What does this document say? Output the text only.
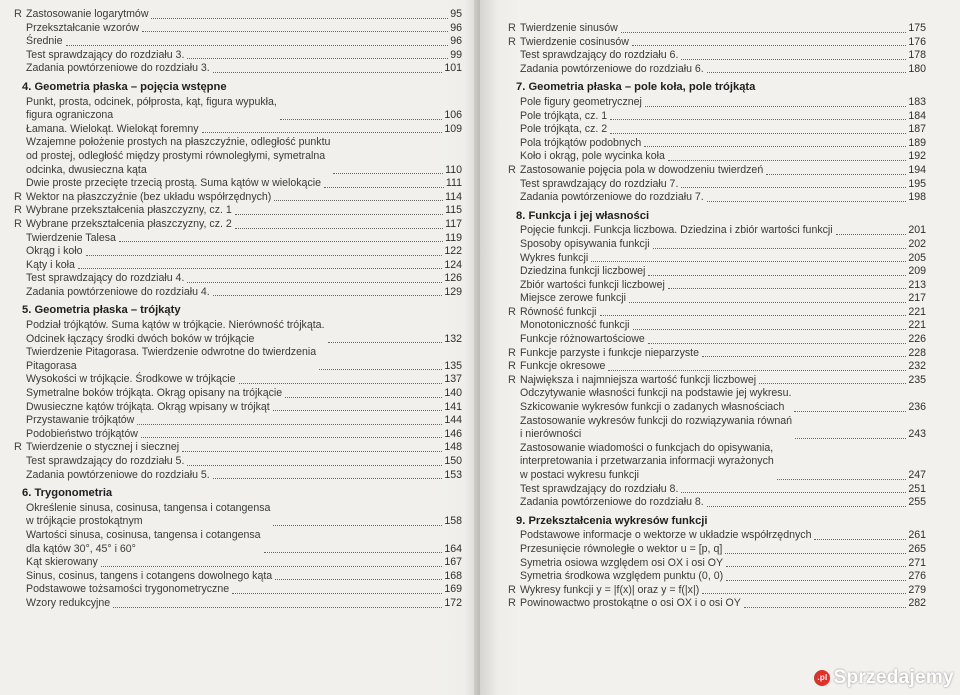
R Zastosowanie logarytmów	95
Przekształcanie wzorów	96
Średnie	96
Test sprawdzający do rozdziału 3.	99
Zadania powtórzeniowe do rozdziału 3.	101
4. Geometria płaska – pojęcia wstępne
Punkt, prosta, odcinek, półprosta, kąt, figura wypukła,
figura ograniczona	106
Łamana. Wielokąt. Wielokąt foremny	109
Wzajemne położenie prostych na płaszczyźnie, odległość punktu
od prostej, odległość między prostymi równoległymi, symetralna
odcinka, dwusieczna kąta	110
Dwie proste przecięte trzecią prostą. Suma kątów w wielokącie	111
R Wektor na płaszczyźnie (bez układu współrzędnych)	114
R Wybrane przekształcenia płaszczyzny, cz. 1	115
R Wybrane przekształcenia płaszczyzny, cz. 2	117
Twierdzenie Talesa	119
Okrąg i koło	122
Kąty i koła	124
Test sprawdzający do rozdziału 4.	126
Zadania powtórzeniowe do rozdziału 4.	129
5. Geometria płaska – trójkąty
Podział trójkątów. Suma kątów w trójkącie. Nierówność trójkąta.
Odcinek łączący środki dwóch boków w trójkącie	132
Twierdzenie Pitagorasa. Twierdzenie odwrotne do twierdzenia
Pitagorasa	135
Wysokości w trójkącie. Środkowe w trójkącie	137
Symetralne boków trójkąta. Okrąg opisany na trójkącie	140
Dwusieczne kątów trójkąta. Okrąg wpisany w trójkąt	141
Przystawanie trójkątów	144
Podobieństwo trójkątów	146
R Twierdzenie o stycznej i siecznej	148
Test sprawdzający do rozdziału 5.	150
Zadania powtórzeniowe do rozdziału 5.	153
6. Trygonometria
Określenie sinusa, cosinusa, tangensa i cotangensa
w trójkącie prostokątnym	158
Wartości sinusa, cosinusa, tangensa i cotangensa
dla kątów 30°, 45° i 60°	164
Kąt skierowany	167
Sinus, cosinus, tangens i cotangens dowolnego kąta	168
Podstawowe tożsamości trygonometryczne	169
Wzory redukcyjne	172
R Twierdzenie sinusów	175
R Twierdzenie cosinusów	176
Test sprawdzający do rozdziału 6.	178
Zadania powtórzeniowe do rozdziału 6.	180
7. Geometria płaska – pole koła, pole trójkąta
Pole figury geometrycznej	183
Pole trójkąta, cz. 1	184
Pole trójkąta, cz. 2	187
Pola trójkątów podobnych	189
Koło i okrąg, pole wycinka koła	192
R Zastosowanie pojęcia pola w dowodzeniu twierdzeń	194
Test sprawdzający do rozdziału 7.	195
Zadania powtórzeniowe do rozdziału 7.	198
8. Funkcja i jej własności
Pojęcie funkcji. Funkcja liczbowa. Dziedzina i zbiór wartości funkcji	201
Sposoby opisywania funkcji	202
Wykres funkcji	205
Dziedzina funkcji liczbowej	209
Zbiór wartości funkcji liczbowej	213
Miejsce zerowe funkcji	217
R Równość funkcji	221
Monotoniczność funkcji	221
Funkcje różnowartościowe	226
R Funkcje parzyste i funkcje nieparzyste	228
R Funkcje okresowe	232
R Największa i najmniejsza wartość funkcji liczbowej	235
Odczytywanie własności funkcji na podstawie jej wykresu.
Szkicowanie wykresów funkcji o zadanych własnościach	236
Zastosowanie wykresów funkcji do rozwiązywania równań
i nierówności	243
Zastosowanie wiadomości o funkcjach do opisywania,
interpretowania i przetwarzania informacji wyrażonych
w postaci wykresu funkcji	247
Test sprawdzający do rozdziału 8.	251
Zadania powtórzeniowe do rozdziału 8.	255
9. Przekształcenia wykresów funkcji
Podstawowe informacje o wektorze w układzie współrzędnych	261
Przesunięcie równoległe o wektor u = [p, q]	265
Symetria osiowa względem osi OX i osi OY	271
Symetria środkowa względem punktu (0, 0)	276
R Wykresy funkcji y = |f(x)| oraz y = f(|x|)	279
R Powinowactwo prostokątne o osi OX i o osi OY	282
.pl Sprzedajemy
